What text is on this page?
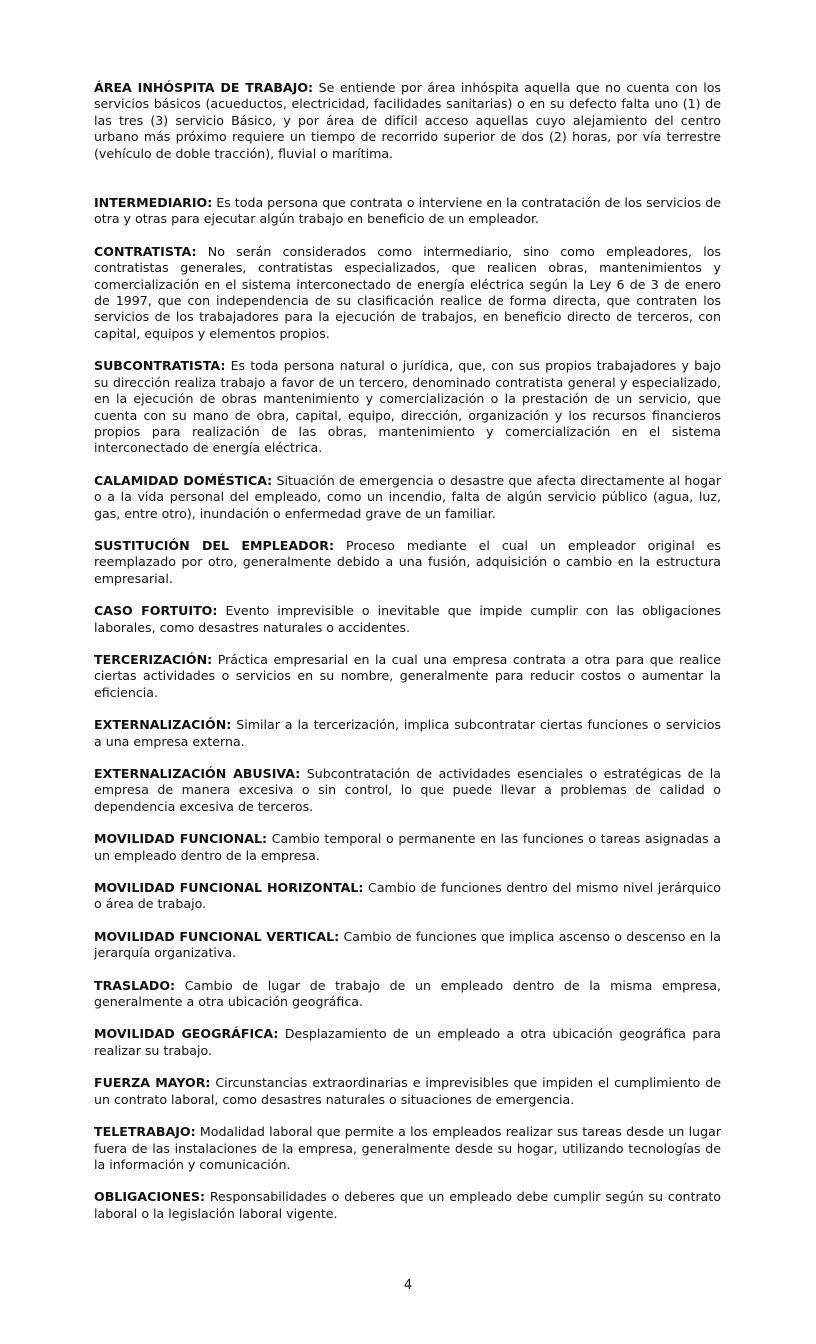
ÁREA INHÓSPITA DE TRABAJO: Se entiende por área inhóspita aquella que no cuenta con los servicios básicos (acueductos, electricidad, facilidades sanitarias) o en su defecto falta uno (1) de las tres (3) servicio Básico, y por área de difícil acceso aquellas cuyo alejamiento del centro urbano más próximo requiere un tiempo de recorrido superior de dos (2) horas, por vía terrestre (vehículo de doble tracción), fluvial o marítima.

INTERMEDIARIO: Es toda persona que contrata o interviene en la contratación de los servicios de otra y otras para ejecutar algún trabajo en beneficio de un empleador.

CONTRATISTA: No serán considerados como intermediario, sino como empleadores, los contratistas generales, contratistas especializados, que realicen obras, mantenimientos y comercialización en el sistema interconectado de energía eléctrica según la Ley 6 de 3 de enero de 1997, que con independencia de su clasificación realice de forma directa, que contraten los servicios de los trabajadores para la ejecución de trabajos, en beneficio directo de terceros, con capital, equipos y elementos propios.

SUBCONTRATISTA: Es toda persona natural o jurídica, que, con sus propios trabajadores y bajo su dirección realiza trabajo a favor de un tercero, denominado contratista general y especializado, en la ejecución de obras mantenimiento y comercialización o la prestación de un servicio, que cuenta con su mano de obra, capital, equipo, dirección, organización y los recursos financieros propios para realización de las obras, mantenimiento y comercialización en el sistema interconectado de energía eléctrica.

CALAMIDAD DOMÉSTICA: Situación de emergencia o desastre que afecta directamente al hogar o a la vida personal del empleado, como un incendio, falta de algún servicio público (agua, luz, gas, entre otro), inundación o enfermedad grave de un familiar.

SUSTITUCIÓN DEL EMPLEADOR: Proceso mediante el cual un empleador original es reemplazado por otro, generalmente debido a una fusión, adquisición o cambio en la estructura empresarial.

CASO FORTUITO: Evento imprevisible o inevitable que impide cumplir con las obligaciones laborales, como desastres naturales o accidentes.

TERCERIZACIÓN: Práctica empresarial en la cual una empresa contrata a otra para que realice ciertas actividades o servicios en su nombre, generalmente para reducir costos o aumentar la eficiencia.

EXTERNALIZACIÓN: Similar a la tercerización, implica subcontratar ciertas funciones o servicios a una empresa externa.

EXTERNALIZACIÓN ABUSIVA: Subcontratación de actividades esenciales o estratégicas de la empresa de manera excesiva o sin control, lo que puede llevar a problemas de calidad o dependencia excesiva de terceros.

MOVILIDAD FUNCIONAL: Cambio temporal o permanente en las funciones o tareas asignadas a un empleado dentro de la empresa.

MOVILIDAD FUNCIONAL HORIZONTAL: Cambio de funciones dentro del mismo nivel jerárquico o área de trabajo.

MOVILIDAD FUNCIONAL VERTICAL: Cambio de funciones que implica ascenso o descenso en la jerarquía organizativa.

TRASLADO: Cambio de lugar de trabajo de un empleado dentro de la misma empresa, generalmente a otra ubicación geográfica.

MOVILIDAD GEOGRÁFICA: Desplazamiento de un empleado a otra ubicación geográfica para realizar su trabajo.

FUERZA MAYOR: Circunstancias extraordinarias e imprevisibles que impiden el cumplimiento de un contrato laboral, como desastres naturales o situaciones de emergencia.

TELETRABAJO: Modalidad laboral que permite a los empleados realizar sus tareas desde un lugar fuera de las instalaciones de la empresa, generalmente desde su hogar, utilizando tecnologías de la información y comunicación.

OBLIGACIONES: Responsabilidades o deberes que un empleado debe cumplir según su contrato laboral o la legislación laboral vigente.

4
